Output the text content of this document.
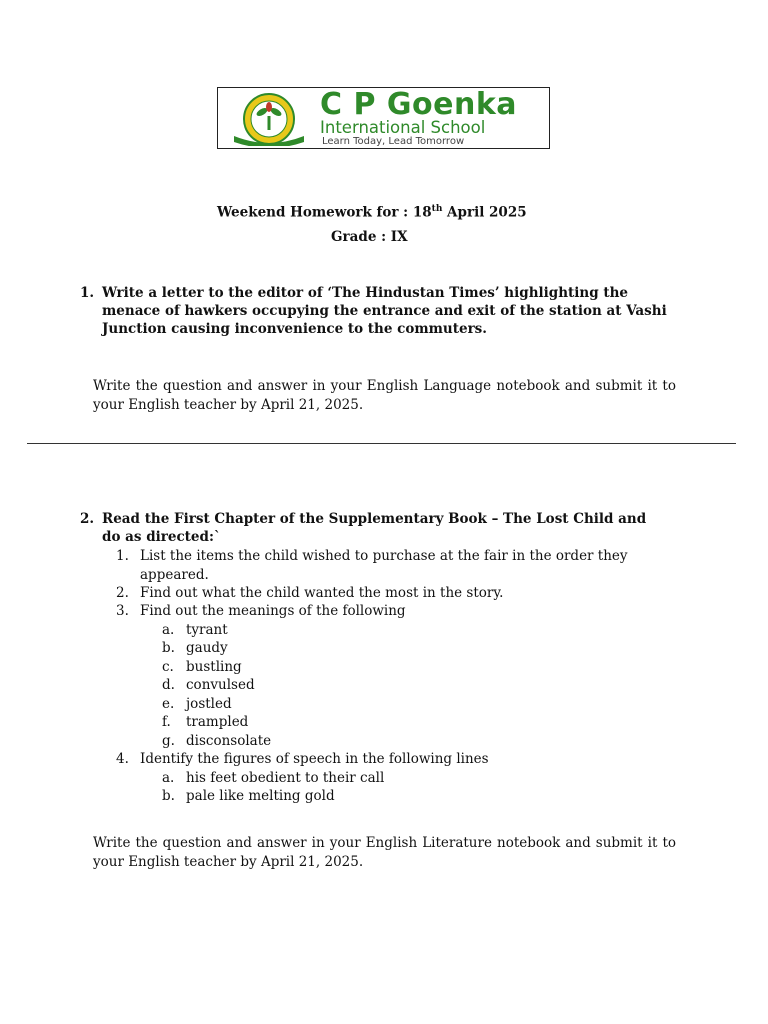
C P Goenka
International School
Learn Today, Lead Tomorrow
Weekend Homework for : 18th April 2025
Grade : IX
1. Write a letter to the editor of ‘The Hindustan Times’ highlighting the menace of hawkers occupying the entrance and exit of the station at Vashi Junction causing inconvenience to the commuters.
Write the question and answer in your English Language notebook and submit it to your English teacher by April 21, 2025.
2. Read the First Chapter of the Supplementary Book – The Lost Child and do as directed:`
1. List the items the child wished to purchase at the fair in the order they appeared.
2. Find out what the child wanted the most in the story.
3. Find out the meanings of the following
a. tyrant
b. gaudy
c. bustling
d. convulsed
e. jostled
f. trampled
g. disconsolate
4. Identify the figures of speech in the following lines
a. his feet obedient to their call
b. pale like melting gold
Write the question and answer in your English Literature notebook and submit it to your English teacher by April 21, 2025.
